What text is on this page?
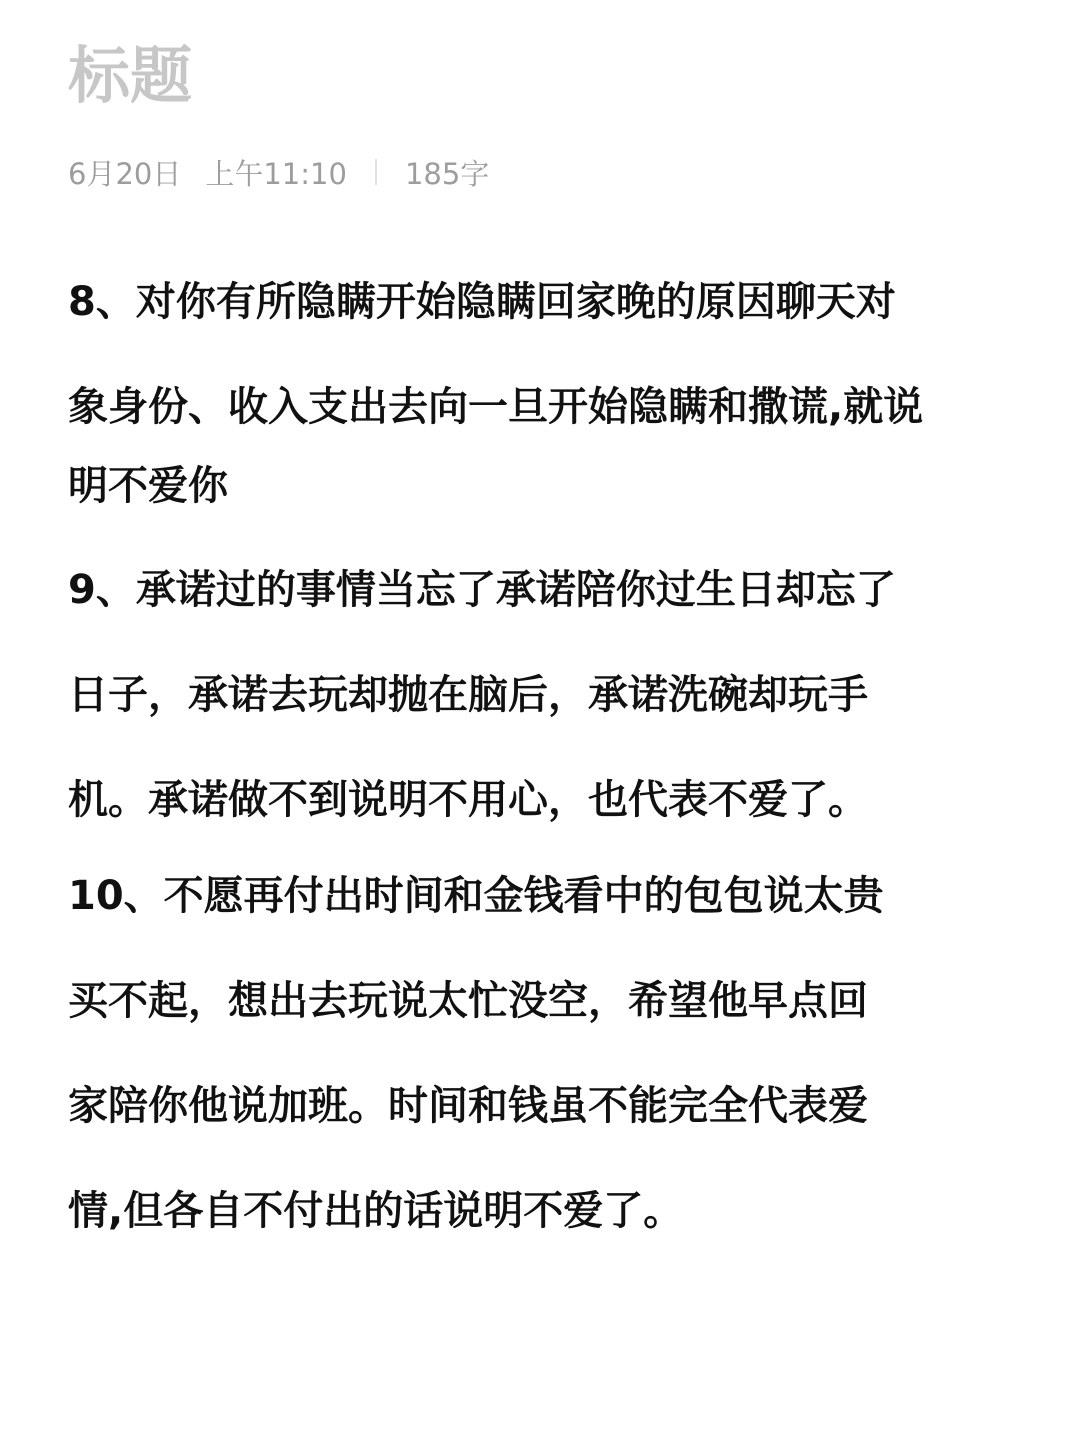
标题
6月20日 上午11:10 185字
8、对你有所隐瞒开始隐瞒回家晚的原因聊天对
象身份、收入支出去向一旦开始隐瞒和撒谎,就说
明不爱你
9、承诺过的事情当忘了承诺陪你过生日却忘了
日子，承诺去玩却抛在脑后，承诺洗碗却玩手
机。承诺做不到说明不用心，也代表不爱了。
10、不愿再付出时间和金钱看中的包包说太贵
买不起，想出去玩说太忙没空，希望他早点回
家陪你他说加班。时间和钱虽不能完全代表爱
情,但各自不付出的话说明不爱了。
